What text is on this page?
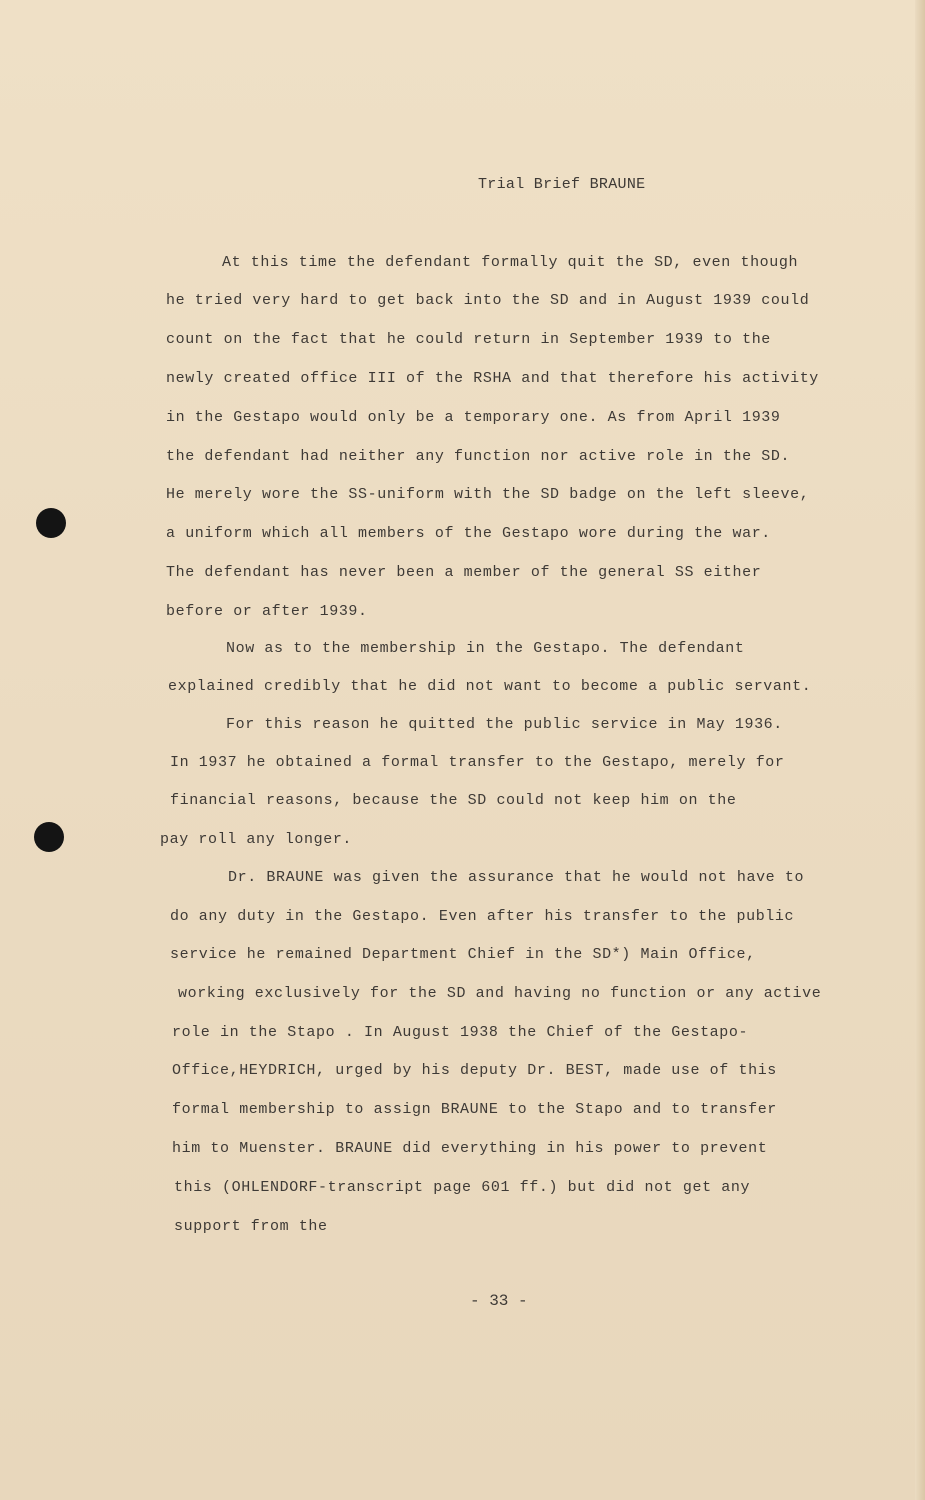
Trial Brief BRAUNE
At this time the defendant formally quit the SD, even though
he tried very hard to get back into the SD and in August 1939 could
count on the fact that he could return in September 1939 to the
newly created office III of the RSHA and that therefore his activity
in the Gestapo would only be a temporary one. As from April 1939
the defendant had neither any function nor active role in the SD.
He merely wore the SS-uniform with the SD badge on the left sleeve,
a uniform which all members of the Gestapo wore during the war.
The defendant has never been a member of the general SS either
before or after 1939.
Now as to the membership in the Gestapo. The defendant
explained credibly that he did not want to become a public servant.
For this reason he quitted the public service in May 1936.
In 1937 he obtained a formal transfer to the Gestapo, merely for
financial reasons, because the SD could not keep him on the
pay roll any longer.
Dr. BRAUNE was given the assurance that he would not have to
do any duty in the Gestapo. Even after his transfer to the public
service he remained Department Chief in the SD*) Main Office,
working exclusively for the SD and having no function or any active
role in the Stapo . In August 1938 the Chief of the Gestapo-
Office,HEYDRICH, urged by his deputy Dr. BEST, made use of this
formal membership to assign BRAUNE to the Stapo and to transfer
him to Muenster. BRAUNE did everything in his power to prevent
this (OHLENDORF-transcript page 601 ff.) but did not get any
support from the
- 33 -
